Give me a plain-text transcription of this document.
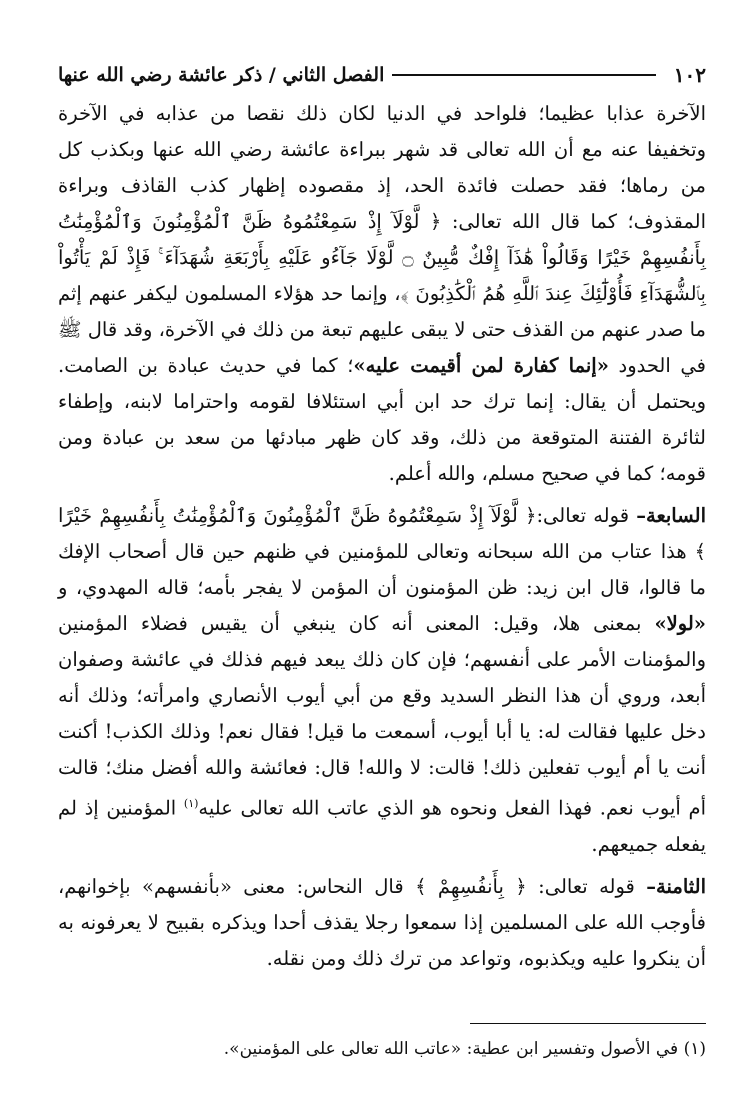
١٠٢
الفصل الثاني / ذكر عائشة رضي الله عنها

الآخرة عذابا عظيما؛ فلواحد في الدنيا لكان ذلك نقصا من عذابه في الآخرة وتخفيفا عنه مع أن الله تعالى قد شهر ببراءة عائشة رضي الله عنها وبكذب كل من رماها؛ فقد حصلت فائدة الحد، إذ مقصوده إظهار كذب القاذف وبراءة المقذوف؛ كما قال الله تعالى: ﴿ لَّوْلَآ إِذْ سَمِعْتُمُوهُ ظَنَّ ٱلْمُؤْمِنُونَ وَٱلْمُؤْمِنَٰتُ بِأَنفُسِهِمْ خَيْرًا وَقَالُواْ هَٰذَآ إِفْكٌ مُّبِينٌ ۝ لَّوْلَا جَآءُو عَلَيْهِ بِأَرْبَعَةِ شُهَدَآءَ ۚ فَإِذْ لَمْ يَأْتُواْ بِٱلشُّهَدَآءِ فَأُوْلَٰٓئِكَ عِندَ ٱللَّهِ هُمُ ٱلْكَٰذِبُونَ ﴾، وإنما حد هؤلاء المسلمون ليكفر عنهم إثم ما صدر عنهم من القذف حتى لا يبقى عليهم تبعة من ذلك في الآخرة، وقد قال ﷺ في الحدود «إنما كفارة لمن أقيمت عليه»؛ كما في حديث عبادة بن الصامت. ويحتمل أن يقال: إنما ترك حد ابن أبي استئلافا لقومه واحتراما لابنه، وإطفاء لثائرة الفتنة المتوقعة من ذلك، وقد كان ظهر مبادئها من سعد بن عبادة ومن قومه؛ كما في صحيح مسلم، والله أعلم.

السابعة– قوله تعالى:﴿ لَّوْلَآ إِذْ سَمِعْتُمُوهُ ظَنَّ ٱلْمُؤْمِنُونَ وَٱلْمُؤْمِنَٰتُ بِأَنفُسِهِمْ خَيْرًا ﴾ هذا عتاب من الله سبحانه وتعالى للمؤمنين في ظنهم حين قال أصحاب الإفك ما قالوا، قال ابن زيد: ظن المؤمنون أن المؤمن لا يفجر بأمه؛ قاله المهدوي، و «لولا» بمعنى هلا، وقيل: المعنى أنه كان ينبغي أن يقيس فضلاء المؤمنين والمؤمنات الأمر على أنفسهم؛ فإن كان ذلك يبعد فيهم فذلك في عائشة وصفوان أبعد، وروي أن هذا النظر السديد وقع من أبي أيوب الأنصاري وامرأته؛ وذلك أنه دخل عليها فقالت له: يا أبا أيوب، أسمعت ما قيل! فقال نعم! وذلك الكذب! أكنت أنت يا أم أيوب تفعلين ذلك! قالت: لا والله! قال: فعائشة والله أفضل منك؛ قالت أم أيوب نعم. فهذا الفعل ونحوه هو الذي عاتب الله تعالى عليه$^{(١)}$ المؤمنين إذ لم يفعله جميعهم.

الثامنة– قوله تعالى: ﴿ بِأَنفُسِهِمْ ﴾ قال النحاس: معنى «بأنفسهم» بإخوانهم، فأوجب الله على المسلمين إذا سمعوا رجلا يقذف أحدا ويذكره بقبيح لا يعرفونه به أن ينكروا عليه ويكذبوه، وتواعد من ترك ذلك ومن نقله.

(١) في الأصول وتفسير ابن عطية: «عاتب الله تعالى على المؤمنين».
